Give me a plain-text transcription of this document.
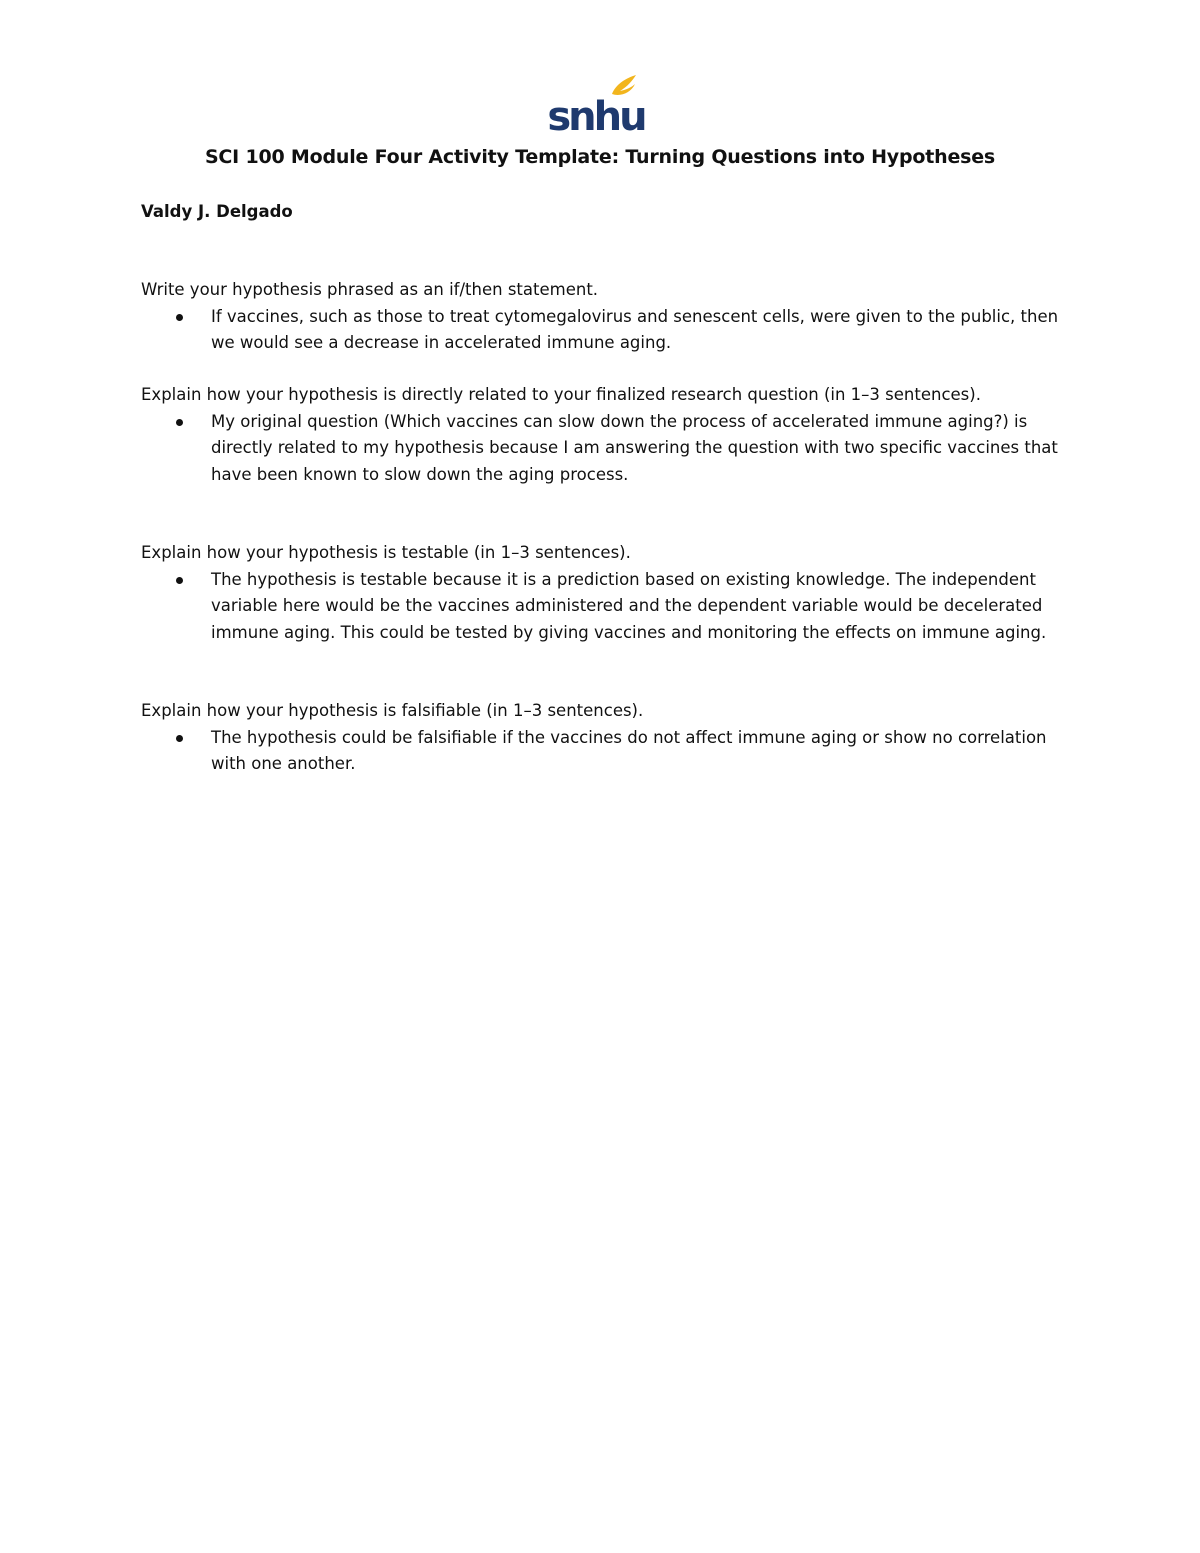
snhu
SCI 100 Module Four Activity Template: Turning Questions into Hypotheses
Valdy J. Delgado
Write your hypothesis phrased as an if/then statement.
If vaccines, such as those to treat cytomegalovirus and senescent cells, were given to the public, then we would see a decrease in accelerated immune aging.
Explain how your hypothesis is directly related to your finalized research question (in 1–3 sentences).
My original question (Which vaccines can slow down the process of accelerated immune aging?) is directly related to my hypothesis because I am answering the question with two specific vaccines that have been known to slow down the aging process.
Explain how your hypothesis is testable (in 1–3 sentences).
The hypothesis is testable because it is a prediction based on existing knowledge. The independent variable here would be the vaccines administered and the dependent variable would be decelerated immune aging. This could be tested by giving vaccines and monitoring the effects on immune aging.
Explain how your hypothesis is falsifiable (in 1–3 sentences).
The hypothesis could be falsifiable if the vaccines do not affect immune aging or show no correlation with one another.
